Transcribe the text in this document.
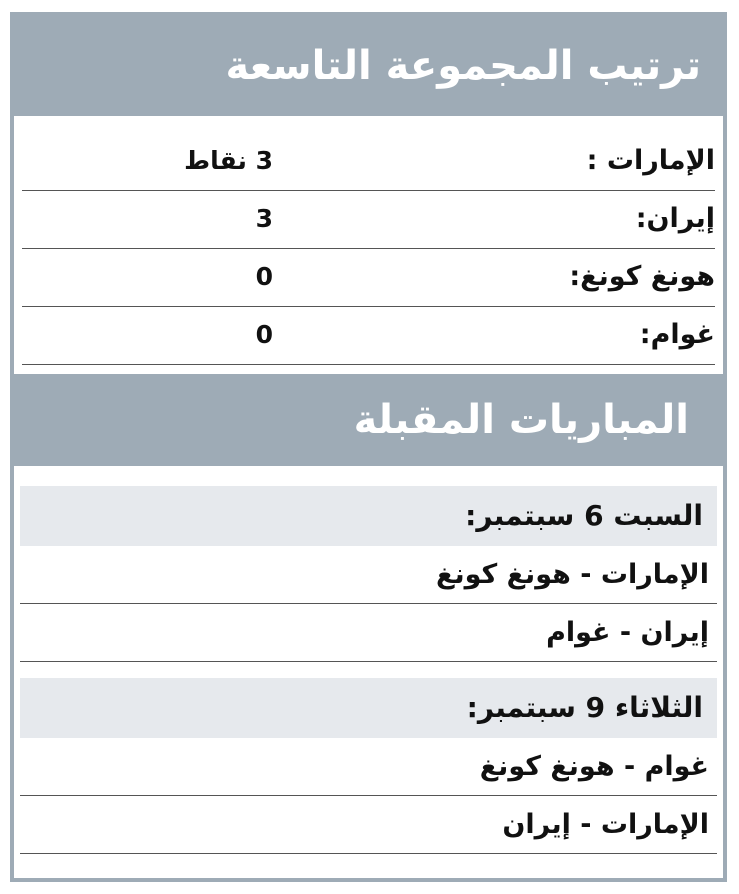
ترتيب المجموعة التاسعة
الإمارات :
3 نقاط
إيران:
3
هونغ كونغ:
0
غوام:
0
المباريات المقبلة
السبت 6 سبتمبر:
الإمارات - هونغ كونغ
إيران - غوام
الثلاثاء 9 سبتمبر:
غوام - هونغ كونغ
الإمارات - إيران
